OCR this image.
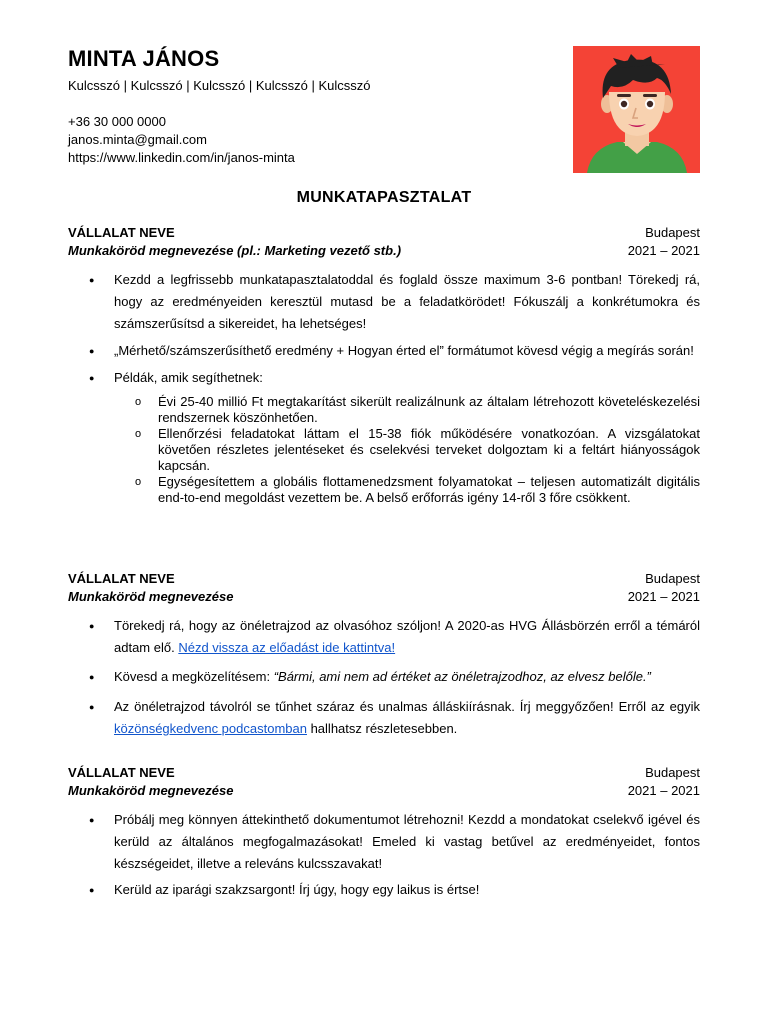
MINTA JÁNOS
Kulcsszó | Kulcsszó | Kulcsszó | Kulcsszó | Kulcsszó
+36 30 000 0000
janos.minta@gmail.com
https://www.linkedin.com/in/janos-minta
MUNKATAPASZTALAT
VÁLLALAT NEVE	Budapest
Munkaköröd megnevezése (pl.: Marketing vezető stb.)	2021 – 2021
● Kezdd a legfrissebb munkatapasztalatoddal és foglald össze maximum 3-6 pontban! Törekedj rá, hogy az eredményeiden keresztül mutasd be a feladatkörödet! Fókuszálj a konkrétumokra és számszerűsítsd a sikereidet, ha lehetséges!
● „Mérhető/számszerűsíthető eredmény + Hogyan érted el” formátumot kövesd végig a megírás során!
● Példák, amik segíthetnek:
o Évi 25-40 millió Ft megtakarítást sikerült realizálnunk az általam létrehozott követeléskezelési rendszernek köszönhetően.
o Ellenőrzési feladatokat láttam el 15-38 fiók működésére vonatkozóan. A vizsgálatokat követően részletes jelentéseket és cselekvési terveket dolgoztam ki a feltárt hiányosságok kapcsán.
o Egységesítettem a globális flottamenedzsment folyamatokat – teljesen automatizált digitális end-to-end megoldást vezettem be. A belső erőforrás igény 14-ről 3 főre csökkent.
VÁLLALAT NEVE	Budapest
Munkaköröd megnevezése	2021 – 2021
● Törekedj rá, hogy az önéletrajzod az olvasóhoz szóljon! A 2020-as HVG Állásbörzén erről a témáról adtam elő. Nézd vissza az előadást ide kattintva!
● Kövesd a megközelítésem: “Bármi, ami nem ad értéket az önéletrajzodhoz, az elvesz belőle.”
● Az önéletrajzod távolról se tűnhet száraz és unalmas álláskiírásnak. Írj meggyőzően! Erről az egyik közönségkedvenc podcastomban hallhatsz részletesebben.
VÁLLALAT NEVE	Budapest
Munkaköröd megnevezése	2021 – 2021
● Próbálj meg könnyen áttekinthető dokumentumot létrehozni! Kezdd a mondatokat cselekvő igével és kerüld az általános megfogalmazásokat! Emeled ki vastag betűvel az eredményeidet, fontos készségeidet, illetve a releváns kulcsszavakat!
● Kerüld az iparági szakzsargont! Írj úgy, hogy egy laikus is értse!
